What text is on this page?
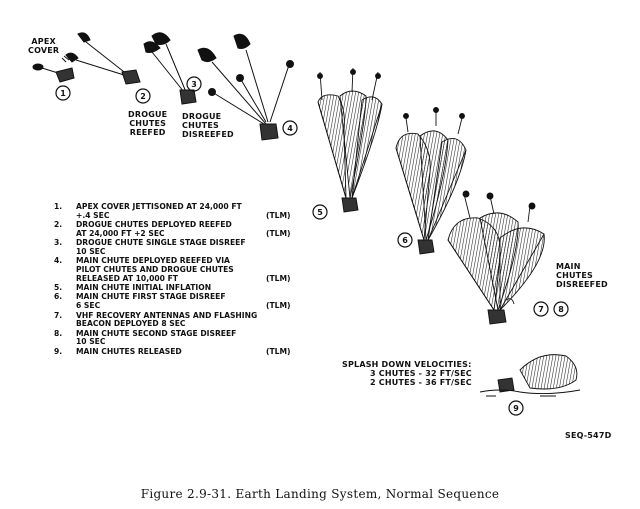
1	2
3
4
5
6
7 8
9
APEX
COVER
DROGUE
CHUTES
REEFED
DROGUE
CHUTES
DISREEFED
MAIN
CHUTES
DISREEFED
1.	APEX COVER JETTISONED AT 24,000 FT
+.4 SEC	(TLM)
2.	DROGUE CHUTES DEPLOYED REEFED
AT 24,000 FT +2 SEC	(TLM)
3.	DROGUE CHUTE SINGLE STAGE DISREEF
10 SEC
4.	MAIN CHUTE DEPLOYED REEFED VIA
PILOT CHUTES AND DROGUE CHUTES
RELEASED AT 10,000 FT	(TLM)
5.	MAIN CHUTE INITIAL INFLATION
6.	MAIN CHUTE FIRST STAGE DISREEF
6 SEC	(TLM)
7.	VHF RECOVERY ANTENNAS AND FLASHING
BEACON DEPLOYED 8 SEC
8.	MAIN CHUTE SECOND STAGE DISREEF
10 SEC
9.	MAIN CHUTES RELEASED	(TLM)
SPLASH DOWN VELOCITIES:
3 CHUTES - 32 FT/SEC
2 CHUTES - 36 FT/SEC
SEQ-547D
Figure 2.9-31. Earth Landing System, Normal Sequence
